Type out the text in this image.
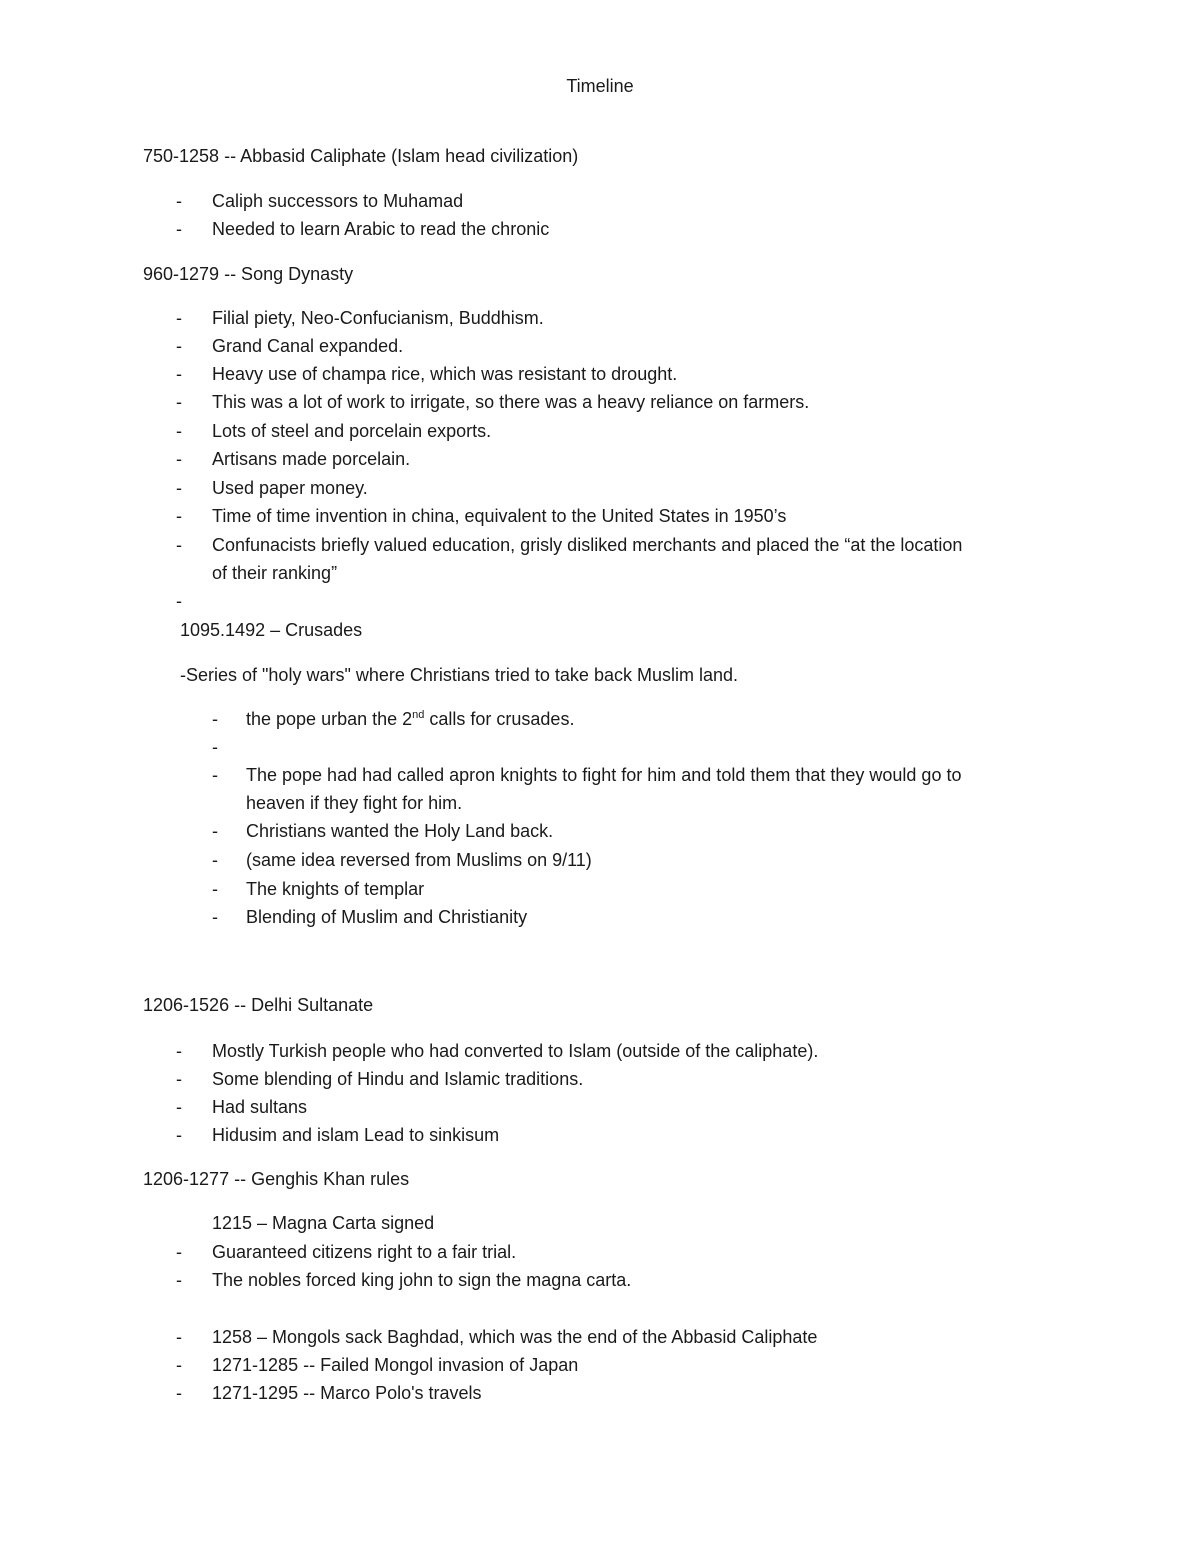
Timeline
750-1258 -- Abbasid Caliphate (Islam head civilization)
- Caliph successors to Muhamad
- Needed to learn Arabic to read the chronic
960-1279 -- Song Dynasty
- Filial piety, Neo-Confucianism, Buddhism.
- Grand Canal expanded.
- Heavy use of champa rice, which was resistant to drought.
- This was a lot of work to irrigate, so there was a heavy reliance on farmers.
- Lots of steel and porcelain exports.
- Artisans made porcelain.
- Used paper money.
- Time of time invention in china, equivalent to the United States in 1950’s
- Confunacists briefly valued education, grisly disliked merchants and placed the “at the location
of their ranking”
-
1095.1492 – Crusades
-Series of "holy wars" where Christians tried to take back Muslim land.
- the pope urban the 2nd calls for crusades.
-
- The pope had had called apron knights to fight for him and told them that they would go to
heaven if they fight for him.
- Christians wanted the Holy Land back.
- (same idea reversed from Muslims on 9/11)
- The knights of templar
- Blending of Muslim and Christianity
1206-1526 -- Delhi Sultanate
- Mostly Turkish people who had converted to Islam (outside of the caliphate).
- Some blending of Hindu and Islamic traditions.
- Had sultans
- Hidusim and islam Lead to sinkisum
1206-1277 -- Genghis Khan rules
1215 – Magna Carta signed
- Guaranteed citizens right to a fair trial.
- The nobles forced king john to sign the magna carta.
- 1258 – Mongols sack Baghdad, which was the end of the Abbasid Caliphate
- 1271-1285 -- Failed Mongol invasion of Japan
- 1271-1295 -- Marco Polo's travels
